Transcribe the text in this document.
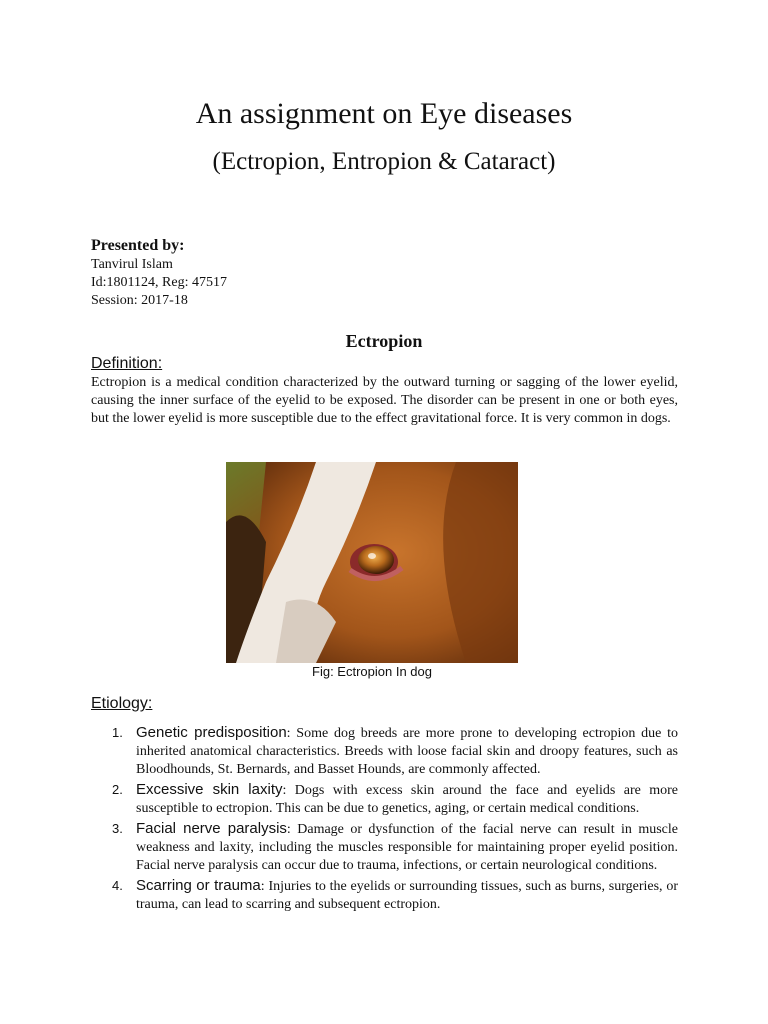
An assignment on Eye diseases
(Ectropion, Entropion & Cataract)
Presented by:
Tanvirul Islam
Id:1801124, Reg: 47517
Session: 2017-18
Ectropion
Definition:

Ectropion is a medical condition characterized by the outward turning or sagging of the lower eyelid, causing the inner surface of the eyelid to be exposed. The disorder can be present in one or both eyes, but the lower eyelid is more susceptible due to the effect gravitational force. It is very common in dogs.

Fig: Ectropion In dog
Etiology:
1. Genetic predisposition: Some dog breeds are more prone to developing ectropion due to inherited anatomical characteristics. Breeds with loose facial skin and droopy features, such as Bloodhounds, St. Bernards, and Basset Hounds, are commonly affected.
2. Excessive skin laxity: Dogs with excess skin around the face and eyelids are more susceptible to ectropion. This can be due to genetics, aging, or certain medical conditions.
3. Facial nerve paralysis: Damage or dysfunction of the facial nerve can result in muscle weakness and laxity, including the muscles responsible for maintaining proper eyelid position. Facial nerve paralysis can occur due to trauma, infections, or certain neurological conditions.
4. Scarring or trauma: Injuries to the eyelids or surrounding tissues, such as burns, surgeries, or trauma, can lead to scarring and subsequent ectropion.
